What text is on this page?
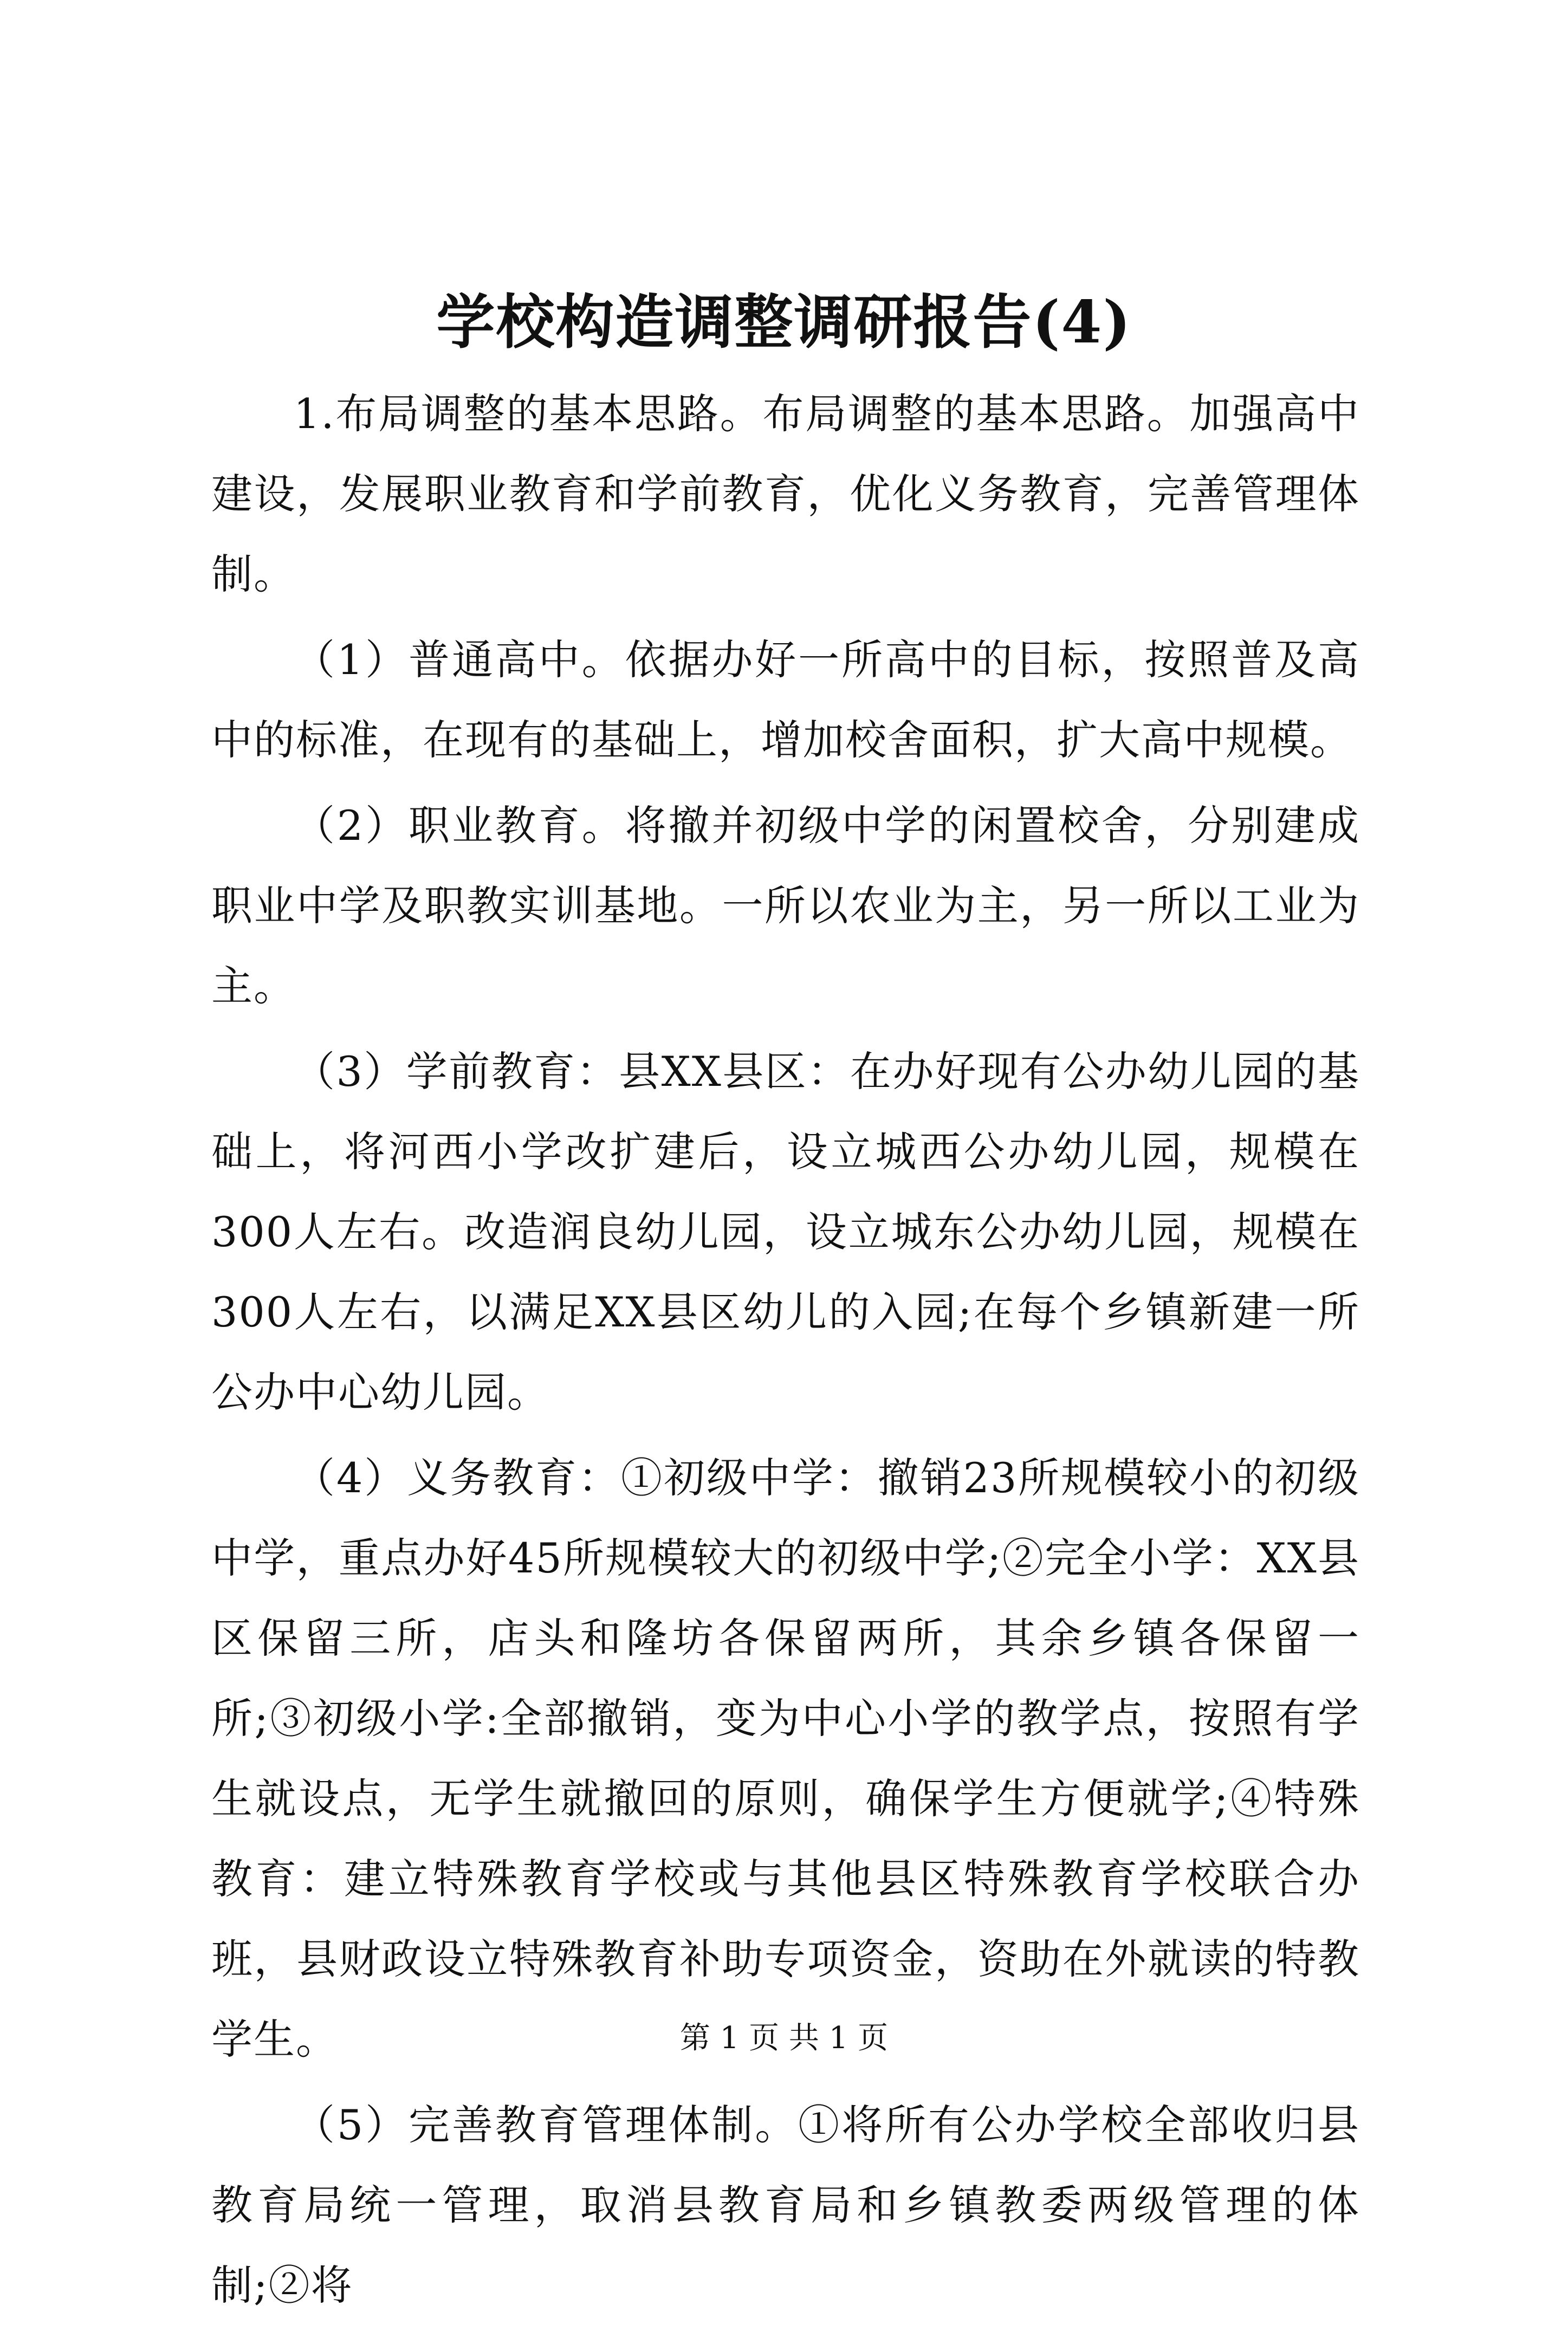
学校构造调整调研报告(4)

1.布局调整的基本思路。布局调整的基本思路。加强高中建设，发展职业教育和学前教育，优化义务教育，完善管理体制。

（1）普通高中。依据办好一所高中的目标，按照普及高中的标准，在现有的基础上，增加校舍面积，扩大高中规模。

（2）职业教育。将撤并初级中学的闲置校舍，分别建成职业中学及职教实训基地。一所以农业为主，另一所以工业为主。

（3）学前教育：县XX县区：在办好现有公办幼儿园的基础上，将河西小学改扩建后，设立城西公办幼儿园，规模在300人左右。改造润良幼儿园，设立城东公办幼儿园，规模在300人左右，以满足XX县区幼儿的入园;在每个乡镇新建一所公办中心幼儿园。

（4）义务教育：①初级中学：撤销23所规模较小的初级中学，重点办好45所规模较大的初级中学;②完全小学：XX县区保留三所，店头和隆坊各保留两所，其余乡镇各保留一所;③初级小学:全部撤销，变为中心小学的教学点，按照有学生就设点，无学生就撤回的原则，确保学生方便就学;④特殊教育：建立特殊教育学校或与其他县区特殊教育学校联合办班，县财政设立特殊教育补助专项资金，资助在外就读的特教学生。

（5）完善教育管理体制。①将所有公办学校全部收归县教育局统一管理，取消县教育局和乡镇教委两级管理的体制;②将

第 1 页 共 1 页
